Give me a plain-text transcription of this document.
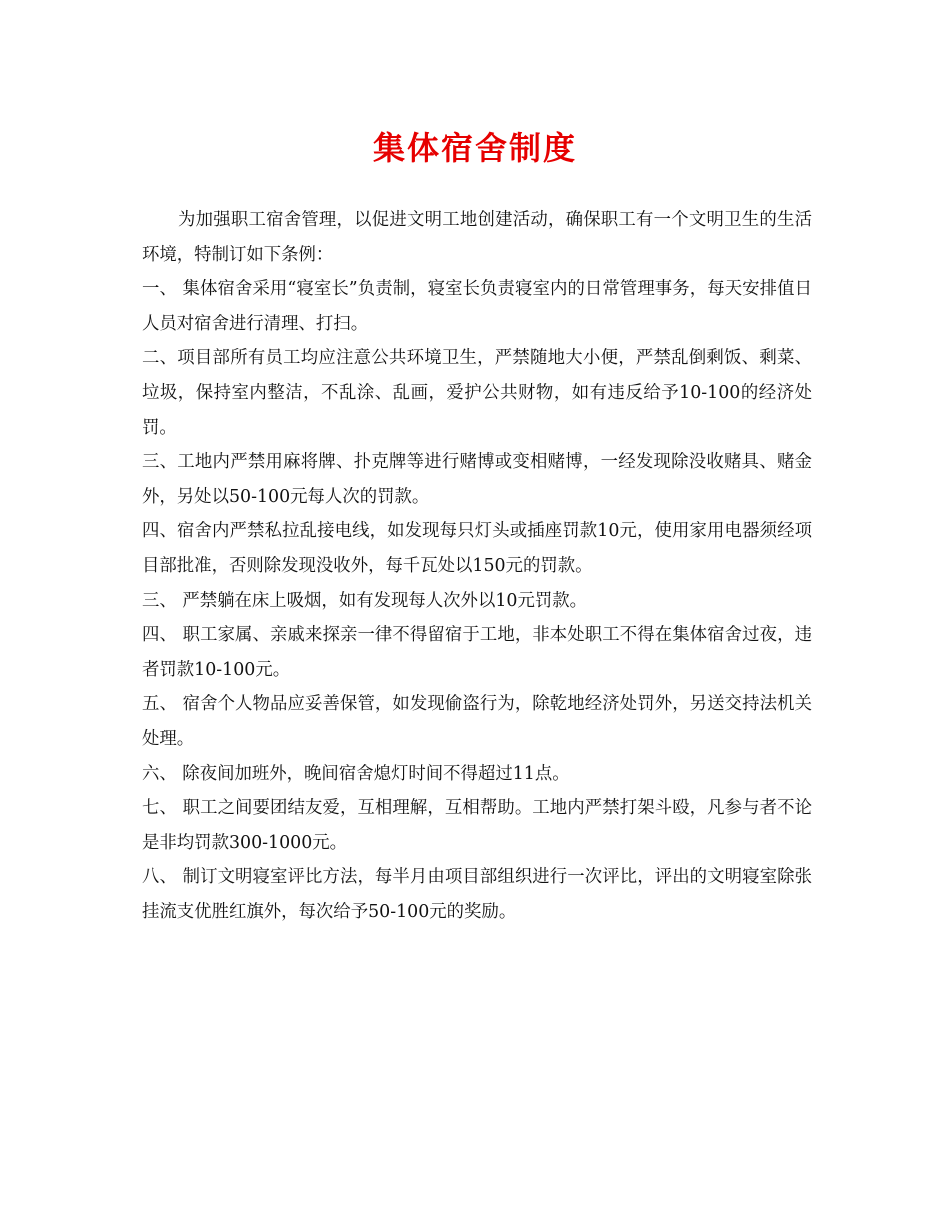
集体宿舍制度

为加强职工宿舍管理，以促进文明工地创建活动，确保职工有一个文明卫生的生活环境，特制订如下条例：

一、 集体宿舍采用“寝室长”负责制，寝室长负责寝室内的日常管理事务，每天安排值日人员对宿舍进行清理、打扫。

二、项目部所有员工均应注意公共环境卫生，严禁随地大小便，严禁乱倒剩饭、剩菜、垃圾，保持室内整洁，不乱涂、乱画，爱护公共财物，如有违反给予10-100的经济处罚。

三、工地内严禁用麻将牌、扑克牌等进行赌博或变相赌博，一经发现除没收赌具、赌金外，另处以50-100元每人次的罚款。

四、宿舍内严禁私拉乱接电线，如发现每只灯头或插座罚款10元，使用家用电器须经项目部批准，否则除发现没收外，每千瓦处以150元的罚款。

三、 严禁躺在床上吸烟，如有发现每人次外以10元罚款。

四、 职工家属、亲戚来探亲一律不得留宿于工地，非本处职工不得在集体宿舍过夜，违者罚款10-100元。

五、 宿舍个人物品应妥善保管，如发现偷盗行为，除乾地经济处罚外，另送交持法机关处理。

六、 除夜间加班外，晚间宿舍熄灯时间不得超过11点。

七、 职工之间要团结友爱，互相理解，互相帮助。工地内严禁打架斗殴，凡参与者不论是非均罚款300-1000元。

八、 制订文明寝室评比方法，每半月由项目部组织进行一次评比，评出的文明寝室除张挂流支优胜红旗外，每次给予50-100元的奖励。
